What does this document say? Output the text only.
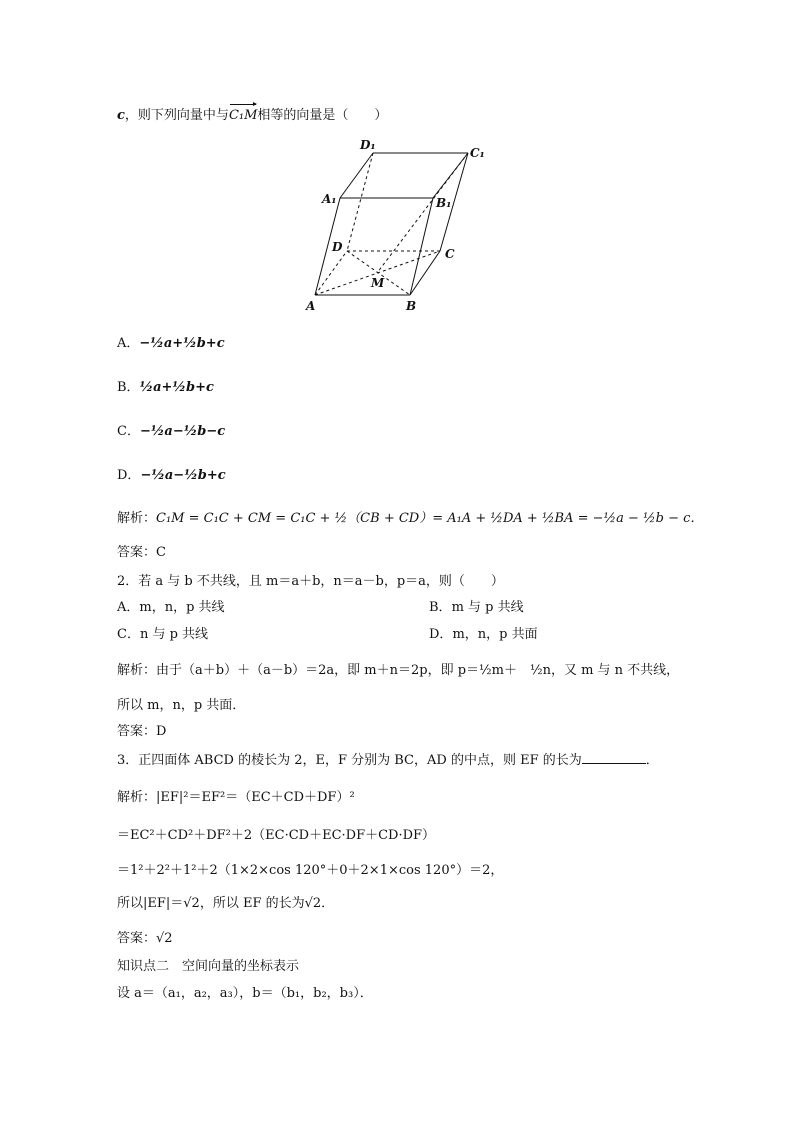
c，则下列向量中与C₁M相等的向量是（　　）
D₁
C₁
A₁	B₁
D	C
M
A	B
A．−½a+½b+c
B．½a+½b+c
C．−½a−½b−c
D．−½a−½b+c
解析：C₁M = C₁C + CM = C₁C + ½（CB + CD）= A₁A + ½DA + ½BA = −½a − ½b − c．
答案：C
2．若 a 与 b 不共线，且 m＝a＋b，n＝a－b，p＝a，则（　　）
A．m，n，p 共线	B．m 与 p 共线
C．n 与 p 共线	D．m，n，p 共面
解析：由于（a＋b）＋（a－b）＝2a，即 m＋n＝2p，即 p＝½m＋　½n，又 m 与 n 不共线，
所以 m，n，p 共面．
答案：D
3．正四面体 ABCD 的棱长为 2，E，F 分别为 BC，AD 的中点，则 EF 的长为	．
解析：|EF|²＝EF²＝（EC＋CD＋DF）²
＝EC²＋CD²＋DF²＋2（EC·CD＋EC·DF＋CD·DF）
＝1²＋2²＋1²＋2（1×2×cos 120°＋0＋2×1×cos 120°）＝2，
所以|EF|＝√2，所以 EF 的长为√2．
答案：√2
知识点二　空间向量的坐标表示
设 a＝（a₁，a₂，a₃），b＝（b₁，b₂，b₃）．
